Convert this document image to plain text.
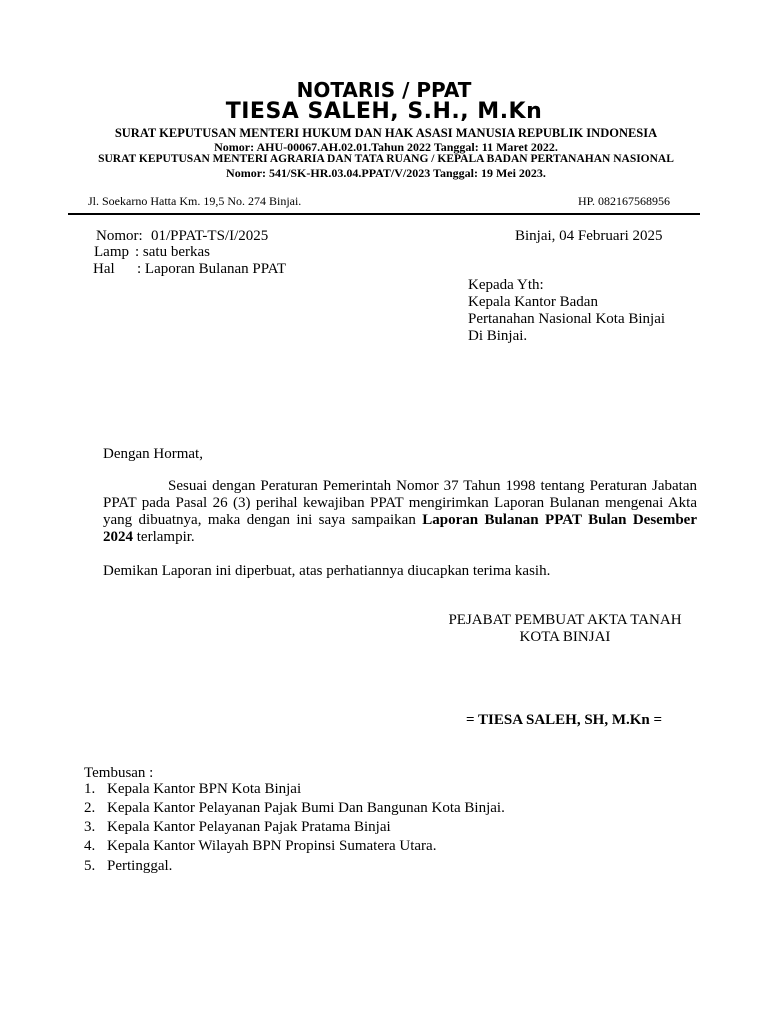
NOTARIS / PPAT
TIESA SALEH, S.H., M.Kn
SURAT KEPUTUSAN MENTERI HUKUM DAN HAK ASASI MANUSIA REPUBLIK INDONESIA
Nomor: AHU-00067.AH.02.01.Tahun 2022 Tanggal: 11 Maret 2022.
SURAT KEPUTUSAN MENTERI AGRARIA DAN TATA RUANG / KEPALA BADAN PERTANAHAN NASIONAL
Nomor: 541/SK-HR.03.04.PPAT/V/2023 Tanggal: 19 Mei 2023.
Jl. Soekarno Hatta Km. 19,5 No. 274 Binjai.	HP. 082167568956
Nomor: 01/PPAT-TS/I/2025
Lamp : satu berkas
Hal : Laporan Bulanan PPAT
Binjai, 04 Februari 2025
Kepada Yth:
Kepala Kantor Badan
Pertanahan Nasional Kota Binjai
Di Binjai.
Dengan Hormat,
Sesuai dengan Peraturan Pemerintah Nomor 37 Tahun 1998 tentang Peraturan Jabatan PPAT pada Pasal 26 (3) perihal kewajiban PPAT mengirimkan Laporan Bulanan mengenai Akta yang dibuatnya, maka dengan ini saya sampaikan Laporan Bulanan PPAT Bulan Desember 2024 terlampir.
Demikan Laporan ini diperbuat, atas perhatiannya diucapkan terima kasih.
PEJABAT PEMBUAT AKTA TANAH
KOTA BINJAI
= TIESA SALEH, SH, M.Kn =
Tembusan :
1. Kepala Kantor BPN Kota Binjai
2. Kepala Kantor Pelayanan Pajak Bumi Dan Bangunan Kota Binjai.
3. Kepala Kantor Pelayanan Pajak Pratama Binjai
4. Kepala Kantor Wilayah BPN Propinsi Sumatera Utara.
5. Pertinggal.
